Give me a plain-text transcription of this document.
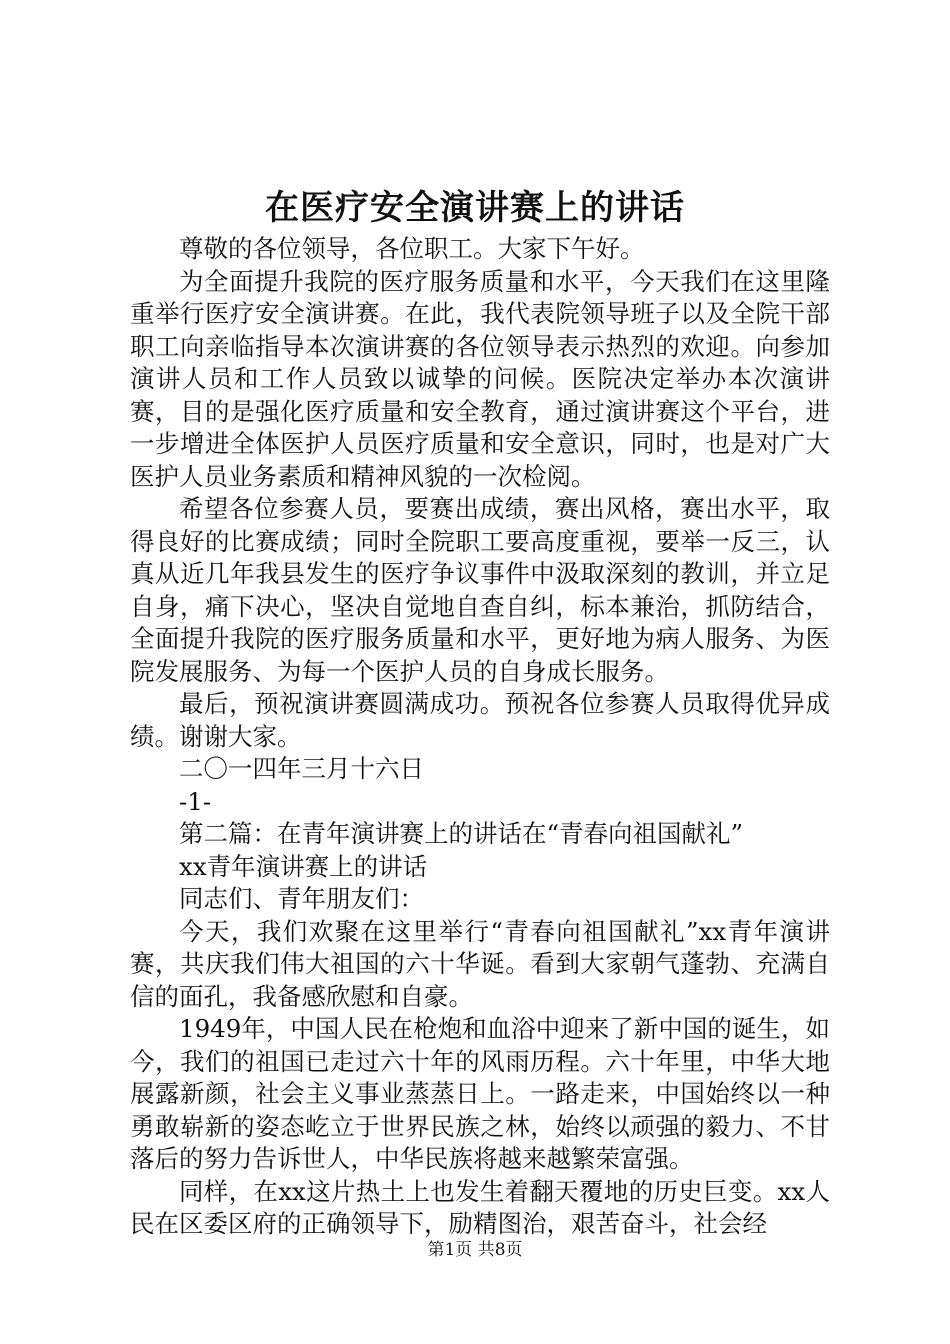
在医疗安全演讲赛上的讲话

尊敬的各位领导，各位职工。大家下午好。

为全面提升我院的医疗服务质量和水平，今天我们在这里隆重举行医疗安全演讲赛。在此，我代表院领导班子以及全院干部职工向亲临指导本次演讲赛的各位领导表示热烈的欢迎。向参加演讲人员和工作人员致以诚挚的问候。医院决定举办本次演讲赛，目的是强化医疗质量和安全教育，通过演讲赛这个平台，进一步增进全体医护人员医疗质量和安全意识，同时，也是对广大医护人员业务素质和精神风貌的一次检阅。

希望各位参赛人员，要赛出成绩，赛出风格，赛出水平，取得良好的比赛成绩；同时全院职工要高度重视，要举一反三，认真从近几年我县发生的医疗争议事件中汲取深刻的教训，并立足自身，痛下决心，坚决自觉地自查自纠，标本兼治，抓防结合，全面提升我院的医疗服务质量和水平，更好地为病人服务、为医院发展服务、为每一个医护人员的自身成长服务。

最后，预祝演讲赛圆满成功。预祝各位参赛人员取得优异成绩。谢谢大家。

二〇一四年三月十六日

-1-

第二篇：在青年演讲赛上的讲话在“青春向祖国献礼”

xx青年演讲赛上的讲话

同志们、青年朋友们：

今天，我们欢聚在这里举行“青春向祖国献礼”xx青年演讲赛，共庆我们伟大祖国的六十华诞。看到大家朝气蓬勃、充满自信的面孔，我备感欣慰和自豪。

1949年，中国人民在枪炮和血浴中迎来了新中国的诞生，如今，我们的祖国已走过六十年的风雨历程。六十年里，中华大地展露新颜，社会主义事业蒸蒸日上。一路走来，中国始终以一种勇敢崭新的姿态屹立于世界民族之林，始终以顽强的毅力、不甘落后的努力告诉世人，中华民族将越来越繁荣富强。

同样，在xx这片热土上也发生着翻天覆地的历史巨变。xx人民在区委区府的正确领导下，励精图治，艰苦奋斗，社会经

第1页 共8页
